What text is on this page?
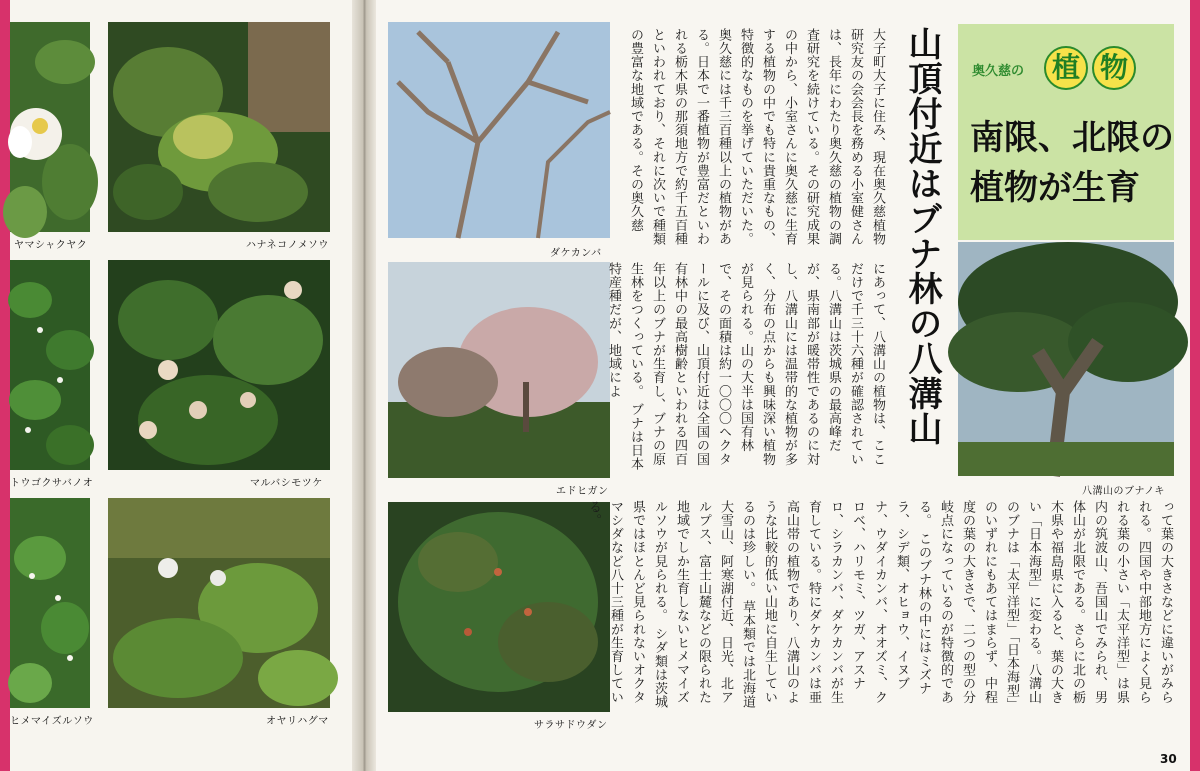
ヤマシャクヤク	ハナネコノメソウ
トウゴクサバノオ	マルバシモツケ
ヒメマイズルソウ	オヤリハグマ
ダケカンバ
エドヒガン
サラサドウダン
奥久慈の 植 物
南限、北限の
植物が生育
八溝山のブナノキ
山頂付近はブナ林の八溝山
大子町大子に住み、現在奥久慈植物研究友の会会長を務める小室健さんは、長年にわたり奥久慈の植物の調査研究を続けている。その研究成果の中から、小室さんに奥久慈に生育する植物の中でも特に貴重なもの、特徴的なものを挙げていただいた。 奥久慈には千三百種以上の植物がある。日本で一番植物が豊富だといわれる栃木県の那須地方で約千五百種といわれており、それに次いで種類の豊富な地域である。その奥久慈
にあって、八溝山の植物は、ここだけで千三十六種が確認されている。八溝山は茨城県の最高峰だが、県南部が暖帯性であるのに対し、八溝山には温帯的な植物が多く、分布の点からも興味深い植物が見られる。山の大半は国有林で、その面積は約一〇〇〇ヘクタールに及び、山頂付近は全国の国有林中の最高樹齢といわれる四百年以上のブナが生育し、ブナの原生林をつくっている。 ブナは日本特産種だが、地域によ
って葉の大きさなどに違いがみられる。四国や中部地方によく見られる葉の小さい「太平洋型」は県内の筑波山、吾国山でみられ、男体山が北限である。さらに北の栃木県や福島県に入ると、葉の大きい「日本海型」に変わる。八溝山のブナは「太平洋型」「日本海型」のいずれにもあてはまらず、中程度の葉の大きさで、二つの型の分岐点になっているのが特徴的である。 このブナ林の中にはミズナラ、シデ類、オヒョウ、イヌブナ、ウダイカンバ、オオズミ、クロベ、ハリモミ、ツガ、アスナロ、シラカンバ、ダケカンバが生育している。特にダケカンバは亜高山帯の植物であり、八溝山のような比較的低い山地に自生しているのは珍しい。 草本類では北海道大雪山、阿寒湖付近、日光、北アルプス、富士山麓などの限られた地域でしか生育しないヒメマイズルソウが見られる。 シダ類は茨城県ではほとんど見られないオクタマシダなど八十三種が生育している。
30
